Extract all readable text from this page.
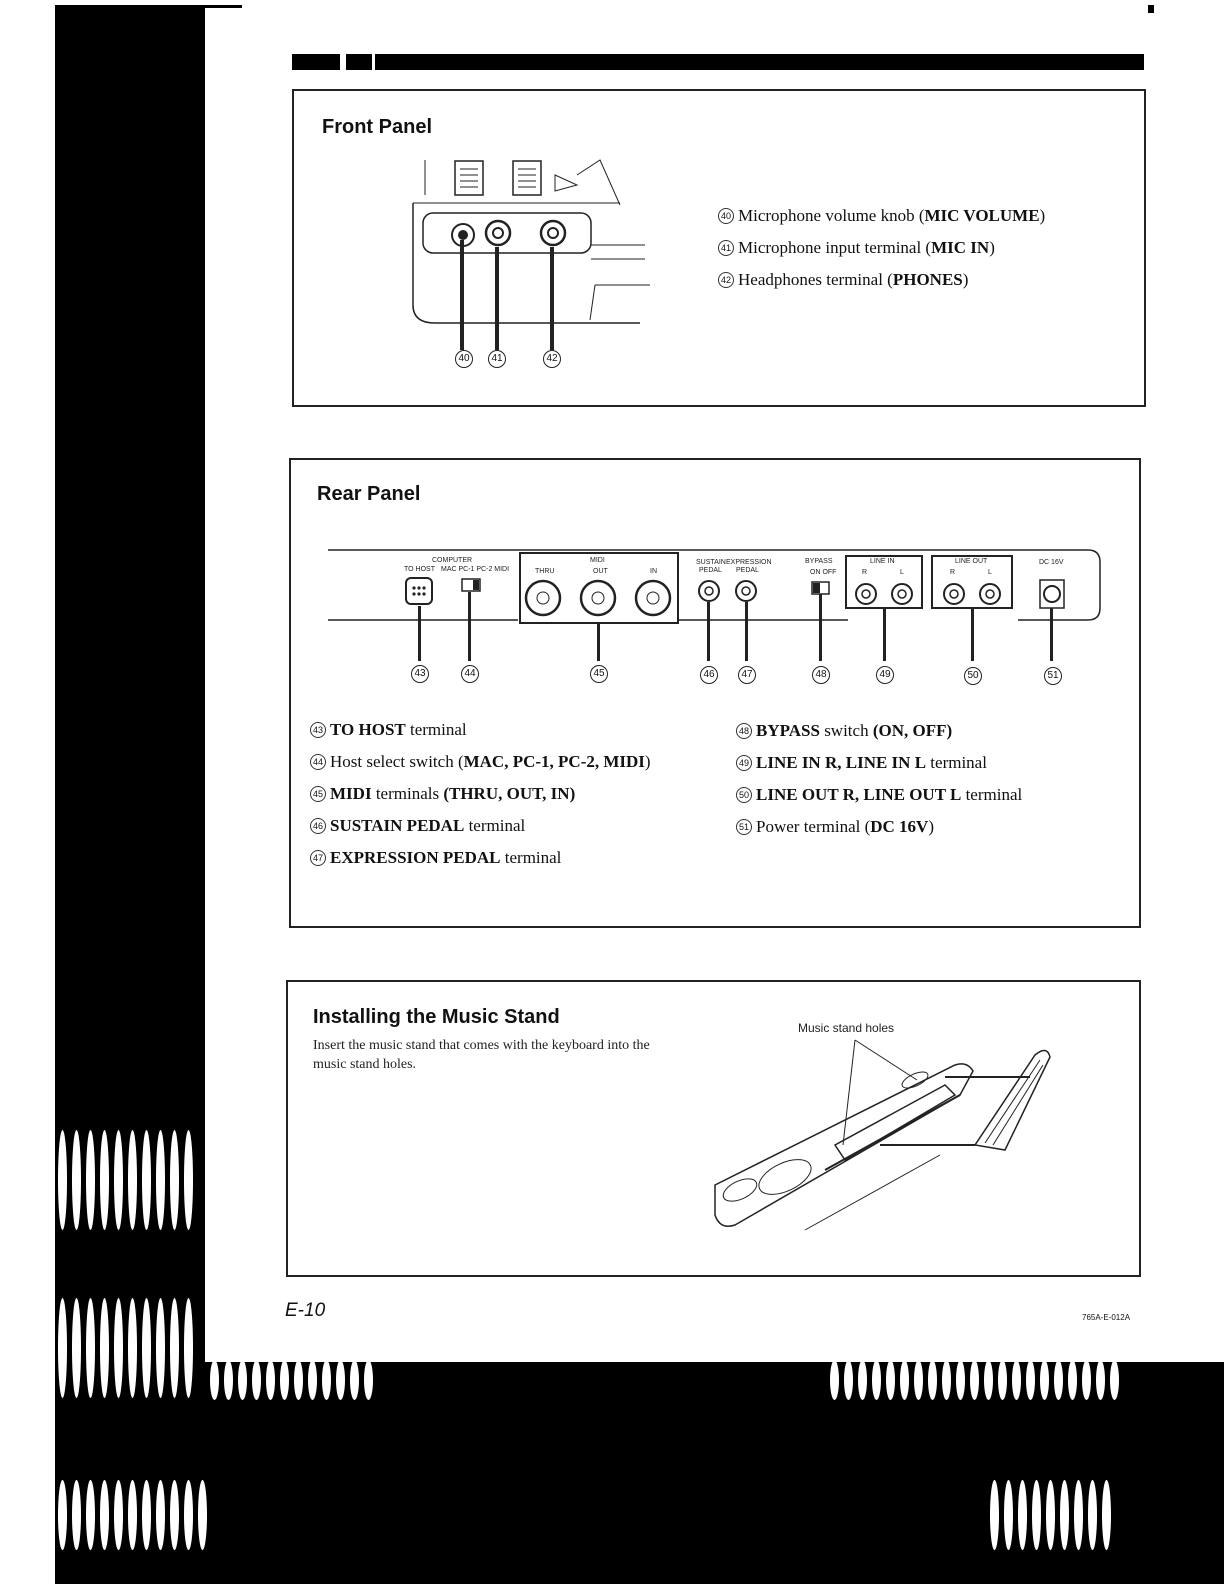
Front Panel
40	41	42
40 Microphone volume knob (MIC VOLUME)
41 Microphone input terminal (MIC IN)
42 Headphones terminal (PHONES)
Rear Panel
COMPUTER
TO HOST MAC PC-1 PC-2 MIDI
MIDI
THRU	OUT	IN
SUSTAIN EXPRESSION
PEDAL PEDAL
BYPASS
ON OFF
LINE IN
R	L
LINE OUT
R	L
DC 16V
43	44	45	46	47	48	49	50	51
43 TO HOST terminal
44 Host select switch (MAC, PC-1, PC-2, MIDI)
45 MIDI terminals (THRU, OUT, IN)
46 SUSTAIN PEDAL terminal
47 EXPRESSION PEDAL terminal
48 BYPASS switch (ON, OFF)
49 LINE IN R, LINE IN L terminal
50 LINE OUT R, LINE OUT L terminal
51 Power terminal (DC 16V)
Installing the Music Stand
Insert the music stand that comes with the keyboard into the music stand holes.
Music stand holes
E-10	765A-E-012A
